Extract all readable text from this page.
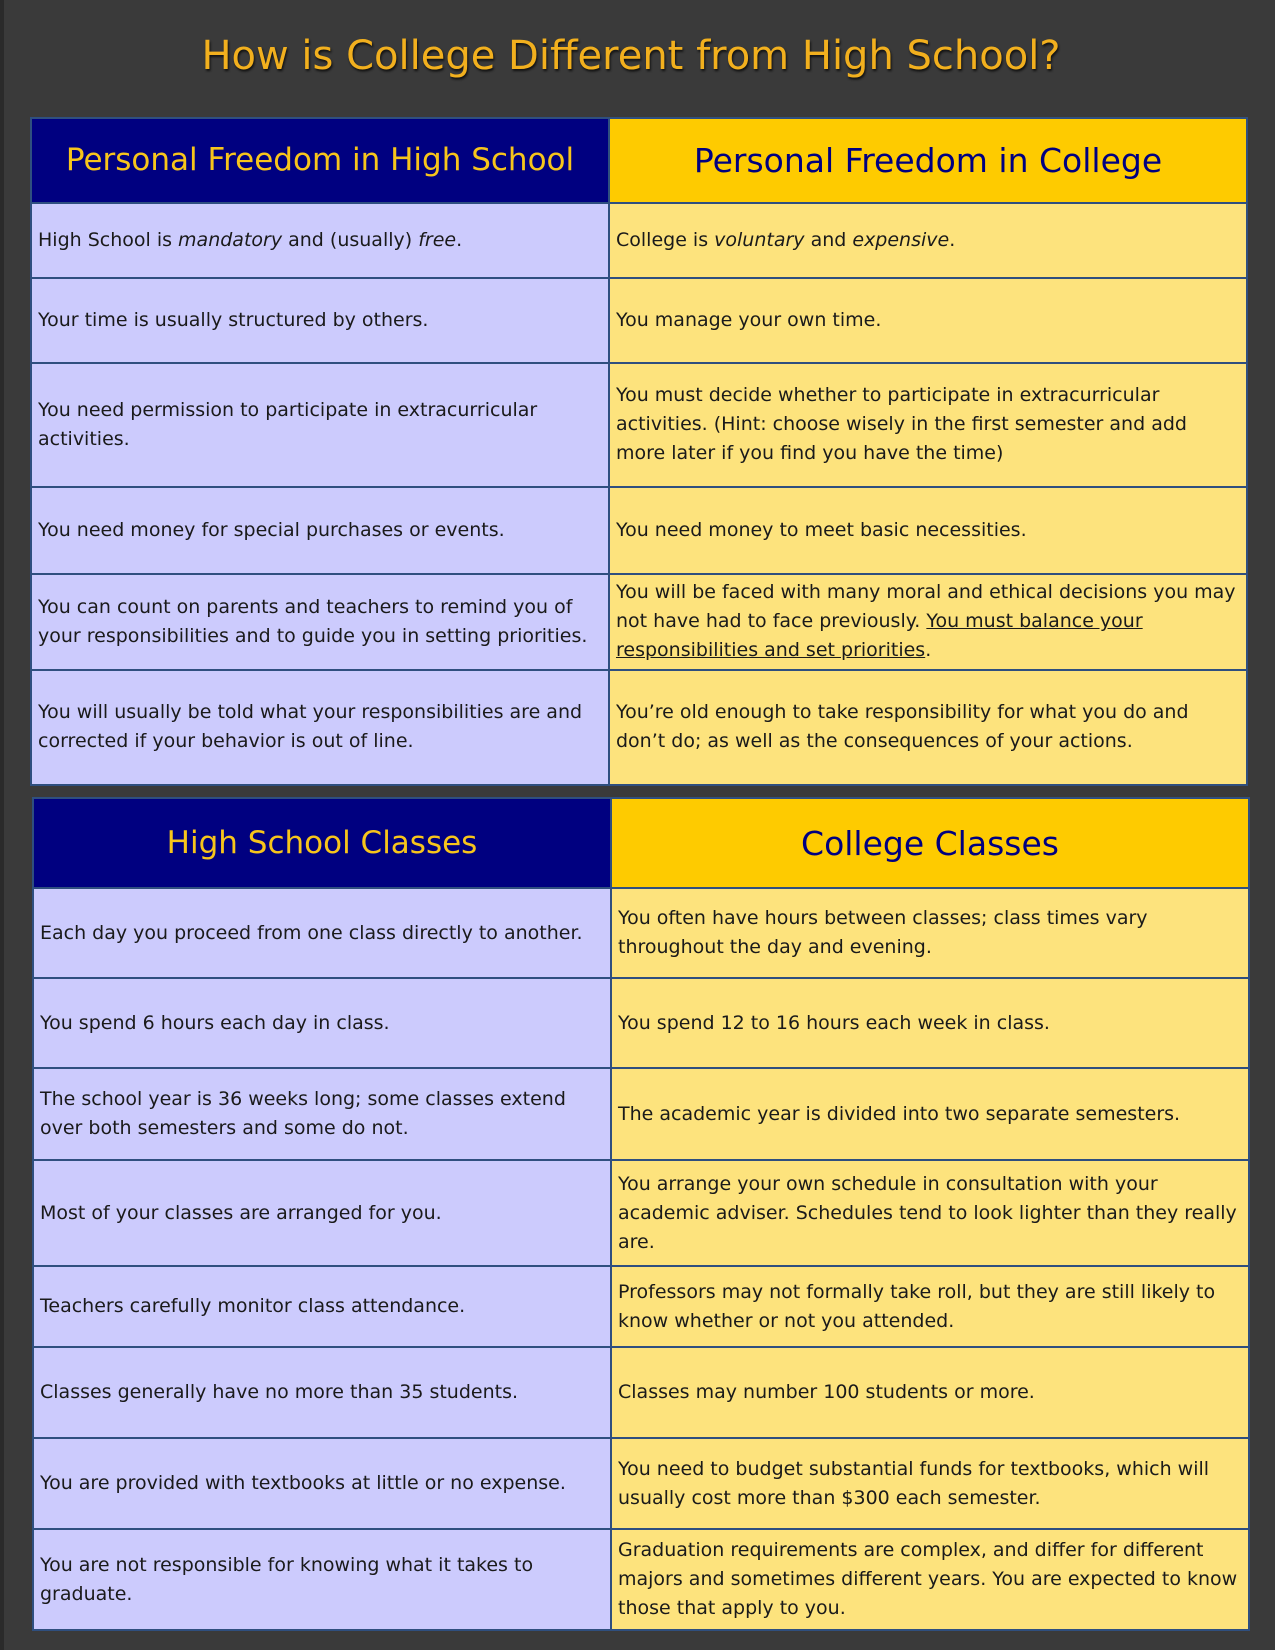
How is College Different from High School?
Personal Freedom in High School	Personal Freedom in College
High School is mandatory and (usually) free.	College is voluntary and expensive.
Your time is usually structured by others.	You manage your own time.
You need permission to participate in extracurricular activities.	You must decide whether to participate in extracurricular activities. (Hint: choose wisely in the first semester and add more later if you find you have the time)
You need money for special purchases or events.	You need money to meet basic necessities.
You can count on parents and teachers to remind you of your responsibilities and to guide you in setting priorities.	You will be faced with many moral and ethical decisions you may not have had to face previously. You must balance your responsibilities and set priorities.
You will usually be told what your responsibilities are and corrected if your behavior is out of line.	You’re old enough to take responsibility for what you do and don’t do; as well as the consequences of your actions.
High School Classes	College Classes
Each day you proceed from one class directly to another.	You often have hours between classes; class times vary throughout the day and evening.
You spend 6 hours each day in class.	You spend 12 to 16 hours each week in class.
The school year is 36 weeks long; some classes extend over both semesters and some do not.	The academic year is divided into two separate semesters.
Most of your classes are arranged for you.	You arrange your own schedule in consultation with your academic adviser. Schedules tend to look lighter than they really are.
Teachers carefully monitor class attendance.	Professors may not formally take roll, but they are still likely to know whether or not you attended.
Classes generally have no more than 35 students.	Classes may number 100 students or more.
You are provided with textbooks at little or no expense.	You need to budget substantial funds for textbooks, which will usually cost more than $300 each semester.
You are not responsible for knowing what it takes to graduate.	Graduation requirements are complex, and differ for different majors and sometimes different years. You are expected to know those that apply to you.
